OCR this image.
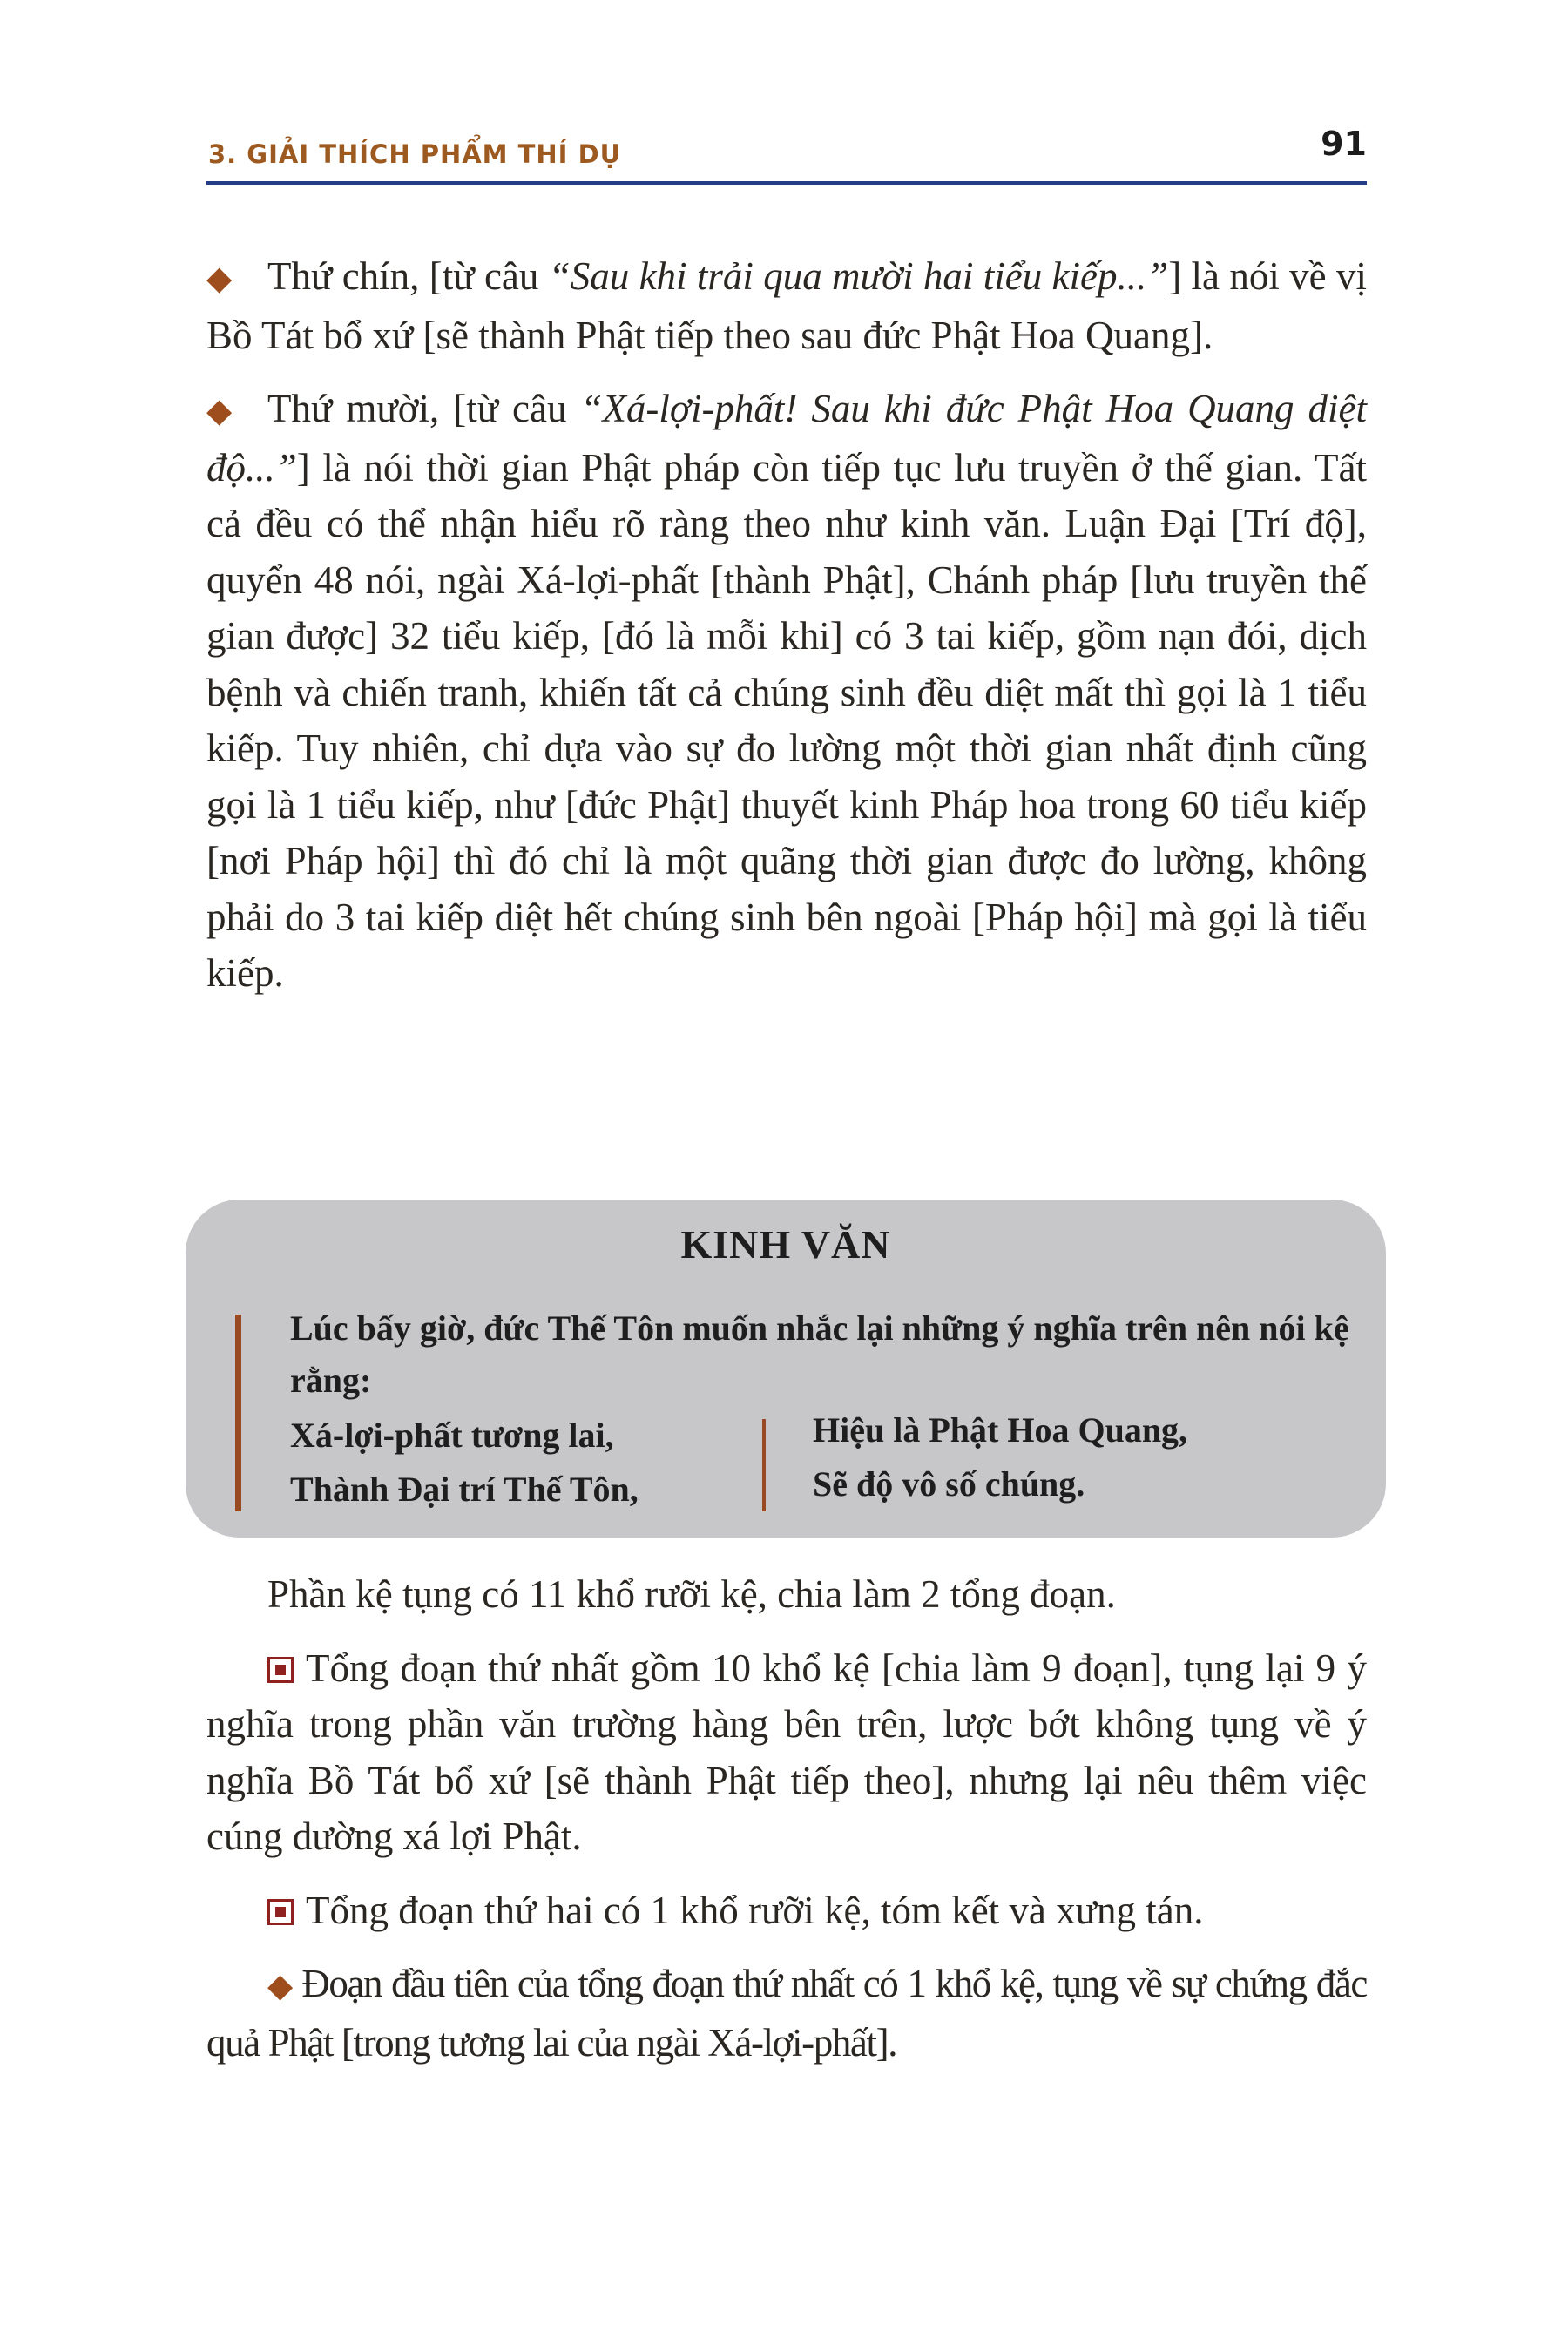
3. GIẢI THÍCH PHẨM THÍ DỤ	91

◆ Thứ chín, [từ câu “Sau khi trải qua mười hai tiểu kiếp...”] là nói về vị Bồ Tát bổ xứ [sẽ thành Phật tiếp theo sau đức Phật Hoa Quang].

◆ Thứ mười, [từ câu “Xá-lợi-phất! Sau khi đức Phật Hoa Quang diệt độ...”] là nói thời gian Phật pháp còn tiếp tục lưu truyền ở thế gian. Tất cả đều có thể nhận hiểu rõ ràng theo như kinh văn. Luận Đại [Trí độ], quyển 48 nói, ngài Xá-lợi-phất [thành Phật], Chánh pháp [lưu truyền thế gian được] 32 tiểu kiếp, [đó là mỗi khi] có 3 tai kiếp, gồm nạn đói, dịch bệnh và chiến tranh, khiến tất cả chúng sinh đều diệt mất thì gọi là 1 tiểu kiếp. Tuy nhiên, chỉ dựa vào sự đo lường một thời gian nhất định cũng gọi là 1 tiểu kiếp, như [đức Phật] thuyết kinh Pháp hoa trong 60 tiểu kiếp [nơi Pháp hội] thì đó chỉ là một quãng thời gian được đo lường, không phải do 3 tai kiếp diệt hết chúng sinh bên ngoài [Pháp hội] mà gọi là tiểu kiếp.

KINH VĂN
Lúc bấy giờ, đức Thế Tôn muốn nhắc lại những ý nghĩa trên nên nói kệ rằng:
Xá-lợi-phất tương lai,
Thành Đại trí Thế Tôn,
Hiệu là Phật Hoa Quang,
Sẽ độ vô số chúng.

Phần kệ tụng có 11 khổ rưỡi kệ, chia làm 2 tổng đoạn.

Tổng đoạn thứ nhất gồm 10 khổ kệ [chia làm 9 đoạn], tụng lại 9 ý nghĩa trong phần văn trường hàng bên trên, lược bớt không tụng về ý nghĩa Bồ Tát bổ xứ [sẽ thành Phật tiếp theo], nhưng lại nêu thêm việc cúng dường xá lợi Phật.

Tổng đoạn thứ hai có 1 khổ rưỡi kệ, tóm kết và xưng tán.

◆ Đoạn đầu tiên của tổng đoạn thứ nhất có 1 khổ kệ, tụng về sự chứng đắc quả Phật [trong tương lai của ngài Xá-lợi-phất].
